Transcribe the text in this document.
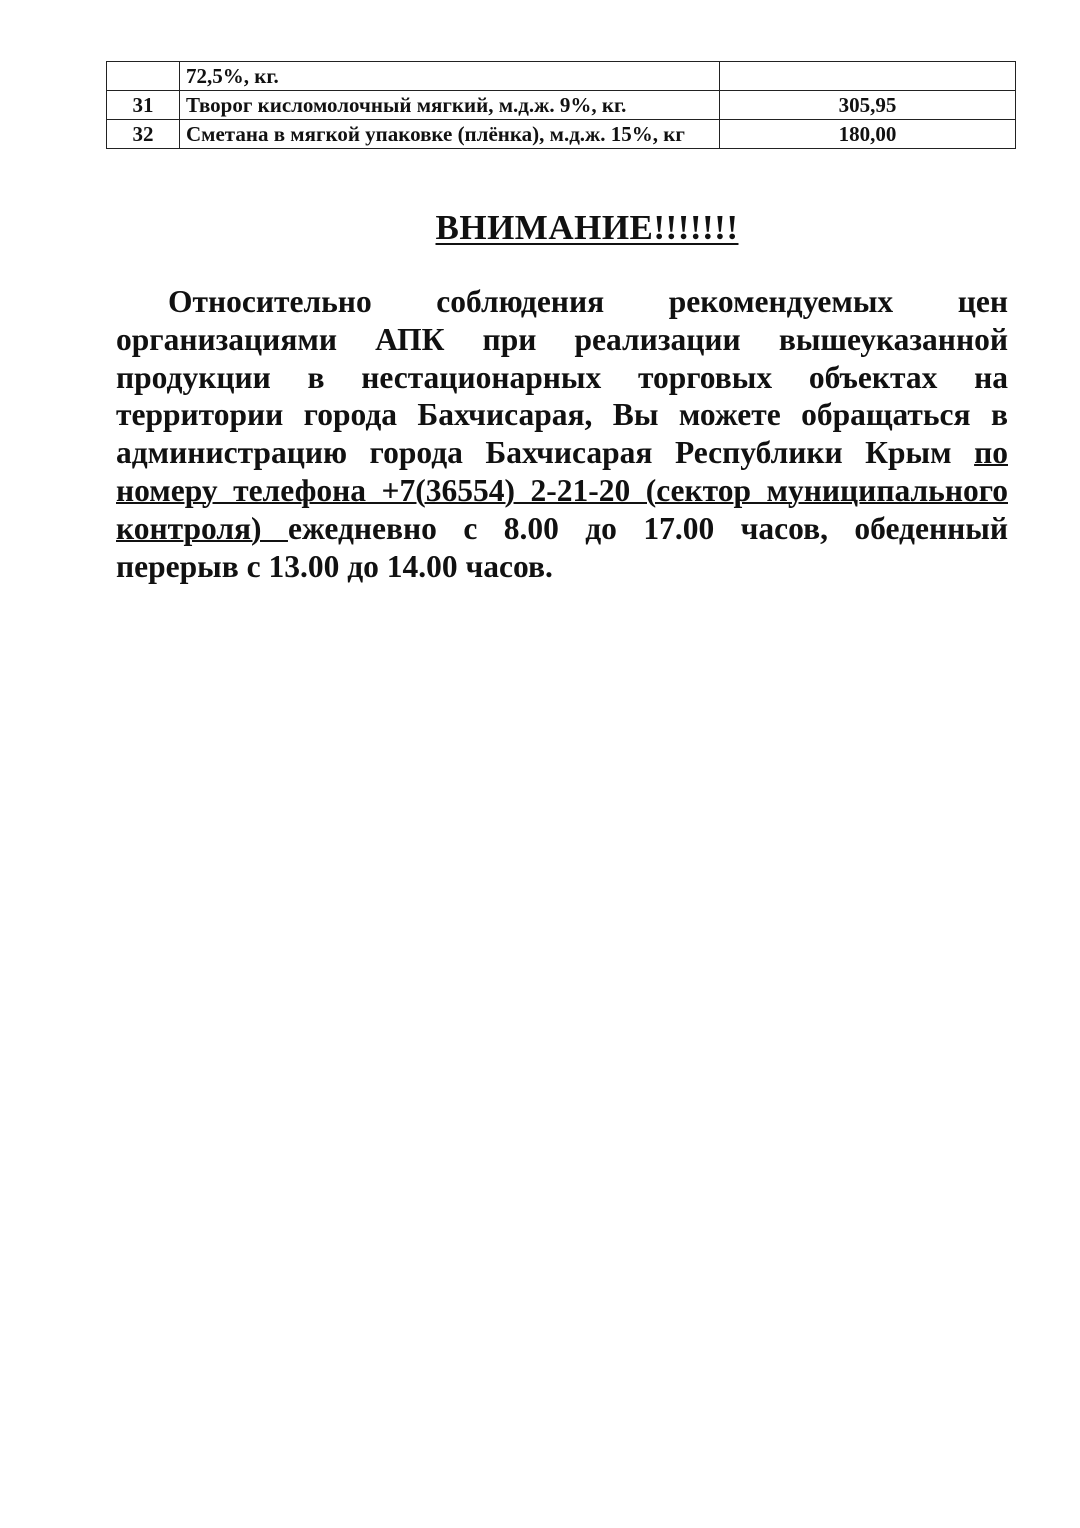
	72,5%, кг.	
31	Творог кисломолочный мягкий, м.д.ж. 9%, кг.	305,95
32	Сметана в мягкой упаковке (плёнка), м.д.ж. 15%, кг	180,00
ВНИМАНИЕ!!!!!!!
Относительно соблюдения рекомендуемых цен организациями АПК при реализации вышеуказанной продукции в нестационарных торговых объектах на территории города Бахчисарая, Вы можете обращаться в администрацию города Бахчисарая Республики Крым по номеру телефона +7(36554) 2-21-20 (сектор муниципального контроля) ежедневно с 8.00 до 17.00 часов, обеденный перерыв с 13.00 до 14.00 часов.
